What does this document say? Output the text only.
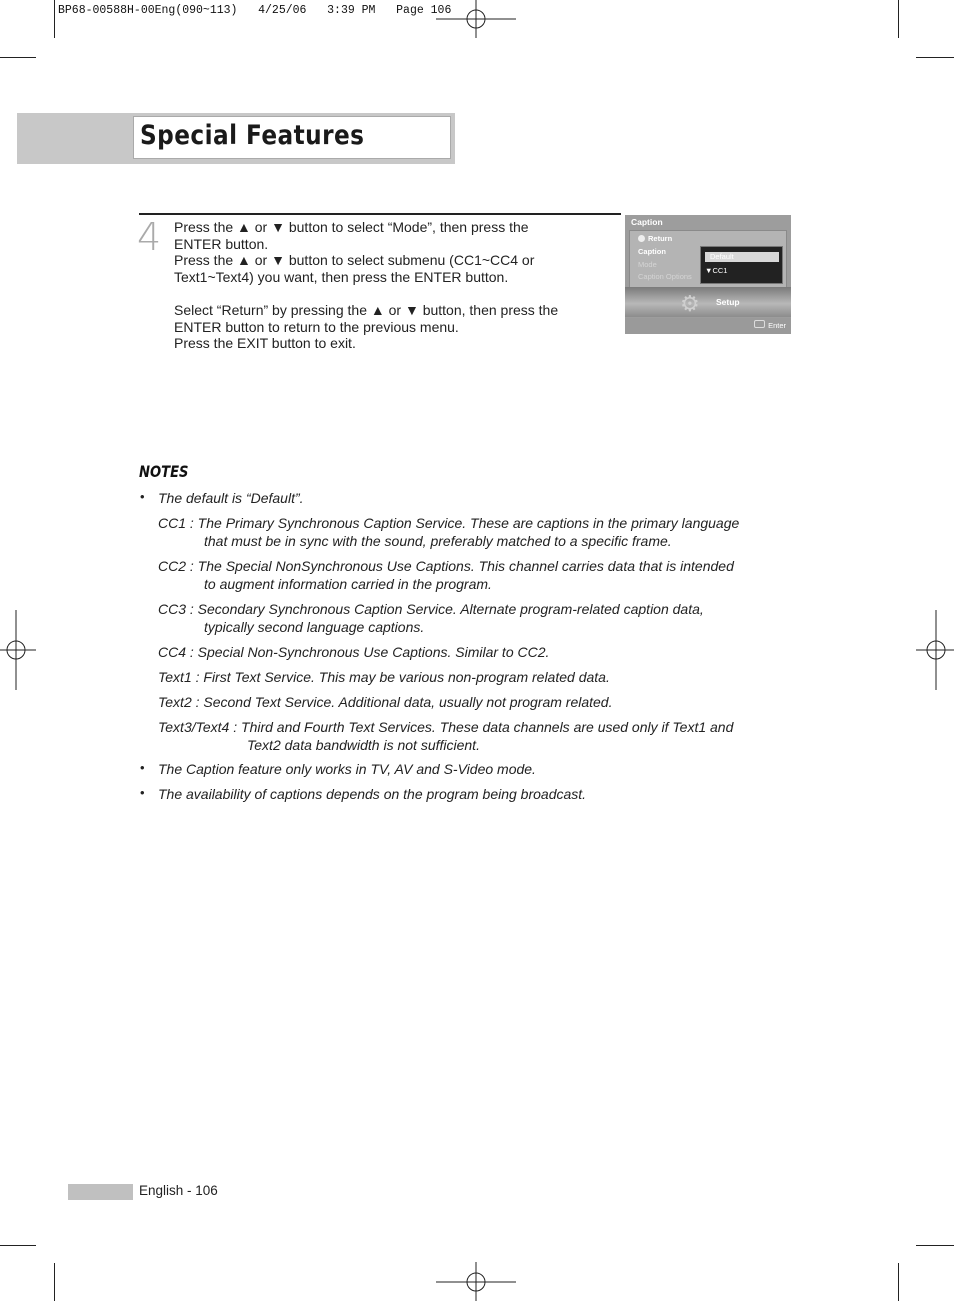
BP68-00588H-00Eng(090~113)   4/25/06   3:39 PM   Page 106
Special Features
4 Press the ▲ or ▼ button to select “Mode”, then press the

ENTER button.

Press the ▲ or ▼ button to select submenu (CC1~CC4 or

Text1~Text4) you want, then press the ENTER button.

Select “Return” by pressing the ▲ or ▼ button, then press the

ENTER button to return to the previous menu.

Press the EXIT button to exit.

Caption
Return
Caption
Mode
Caption Options
Default
▼CC1
⚙ Setup
Enter
NOTES
• The default is “Default”.
CC1 : The Primary Synchronous Caption Service. These are captions in the primary language
that must be in sync with the sound, preferably matched to a specific frame.
CC2 : The Special NonSynchronous Use Captions. This channel carries data that is intended
to augment information carried in the program.
CC3 : Secondary Synchronous Caption Service. Alternate program-related caption data,
typically second language captions.
CC4 : Special Non-Synchronous Use Captions. Similar to CC2.
Text1 : First Text Service. This may be various non-program related data.
Text2 : Second Text Service. Additional data, usually not program related.
Text3/Text4 : Third and Fourth Text Services. These data channels are used only if Text1 and
Text2 data bandwidth is not sufficient.
• The Caption feature only works in TV, AV and S-Video mode.
• The availability of captions depends on the program being broadcast.
English - 106
